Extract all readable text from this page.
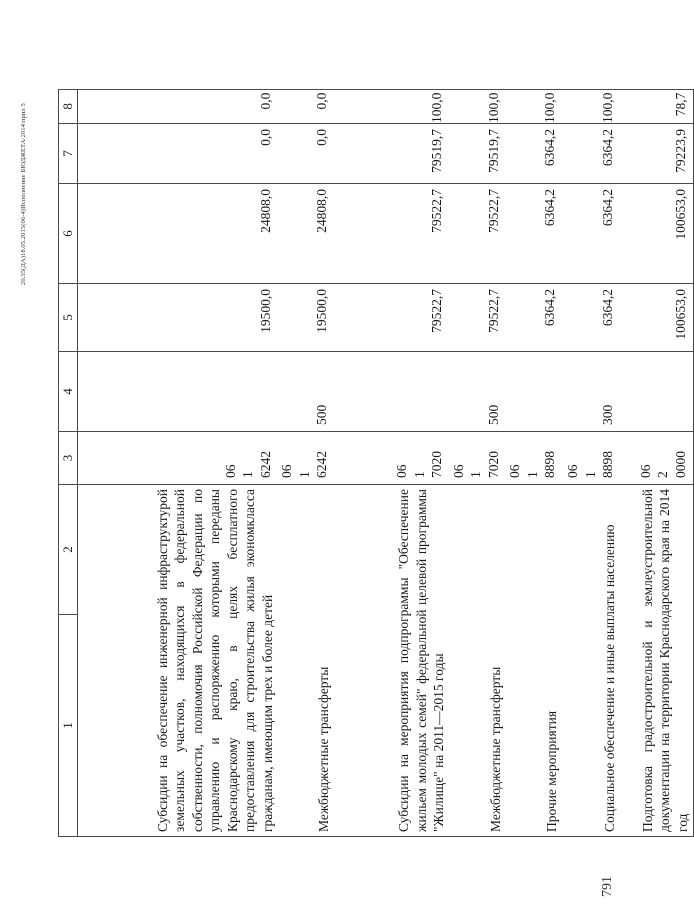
1	2	3	4	5	6	7	8
Субсидии на обеспечение инженерной инфраструктурой земельных участков, находящихся в федеральной собственности, полномочия Российской Федерации по управлению и распоряжению которыми переданы Краснодарскому краю, в целях бесплатного предоставления для строительства жилья экономкласса гражданам, имеющим трех и более детей		06 1 6242		19500,0	24808,0	0,0	0,0
Межбюджетные трансферты		06 1 6242	500	19500,0	24808,0	0,0	0,0
Субсидии на мероприятия подпрограммы "Обеспечение жильем молодых семей" федеральной целевой программы "Жилище" на 2011—2015 годы		06 1 7020		79522,7	79522,7	79519,7	100,0
Межбюджетные трансферты		06 1 7020	500	79522,7	79522,7	79519,7	100,0
Прочие мероприятия		06 1 8898		6364,2	6364,2	6364,2	100,0
Социальное обеспечение и иные выплаты населению		06 1 8898	300	6364,2	6364,2	6364,2	100,0
Подготовка градостроительной и землеустроительной документации на территории Краснодарского края на 2014 год		06 2 0000		100653,0	100653,0	79223,9	78,7
20.35(ДА)18.05.2015(06-4)Исполнение БЮДЖЕТА\2014\прил 5
791
